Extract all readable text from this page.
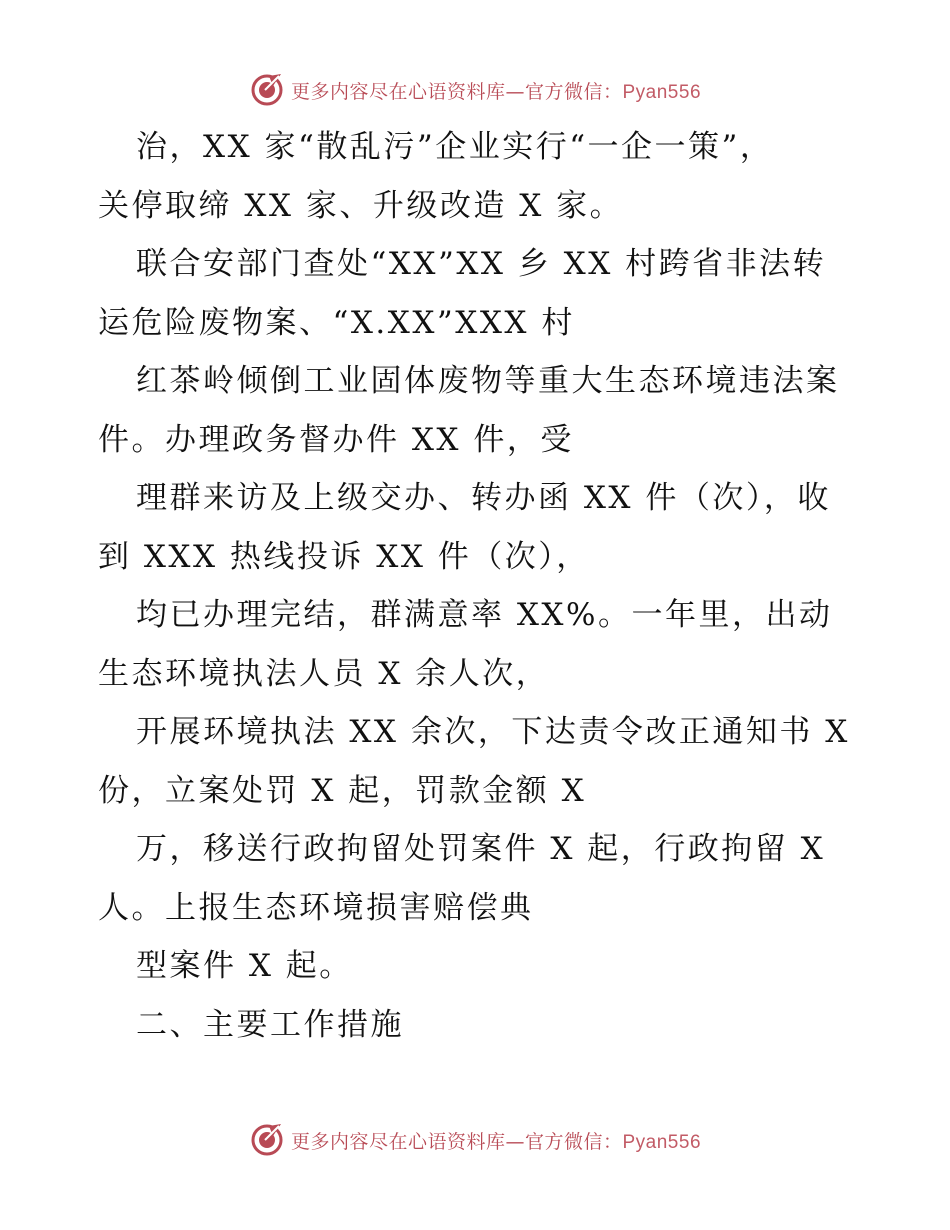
更多内容尽在心语资料库—官方微信：Pyan556
治，XX 家“散乱污”企业实行“一企一策”，
关停取缔 XX 家、升级改造 X 家。
联合安部门查处“XX”XX 乡 XX 村跨省非法转
运危险废物案、“X.XX”XXX 村
红茶岭倾倒工业固体废物等重大生态环境违法案
件。办理政务督办件 XX 件，受
理群来访及上级交办、转办函 XX 件（次），收
到 XXX 热线投诉 XX 件（次），
均已办理完结，群满意率 XX%。一年里，出动
生态环境执法人员 X 余人次，
开展环境执法 XX 余次，下达责令改正通知书 X
份，立案处罚 X 起，罚款金额 X
万，移送行政拘留处罚案件 X 起，行政拘留 X
人。上报生态环境损害赔偿典
型案件 X 起。
二、主要工作措施
更多内容尽在心语资料库—官方微信：Pyan556
